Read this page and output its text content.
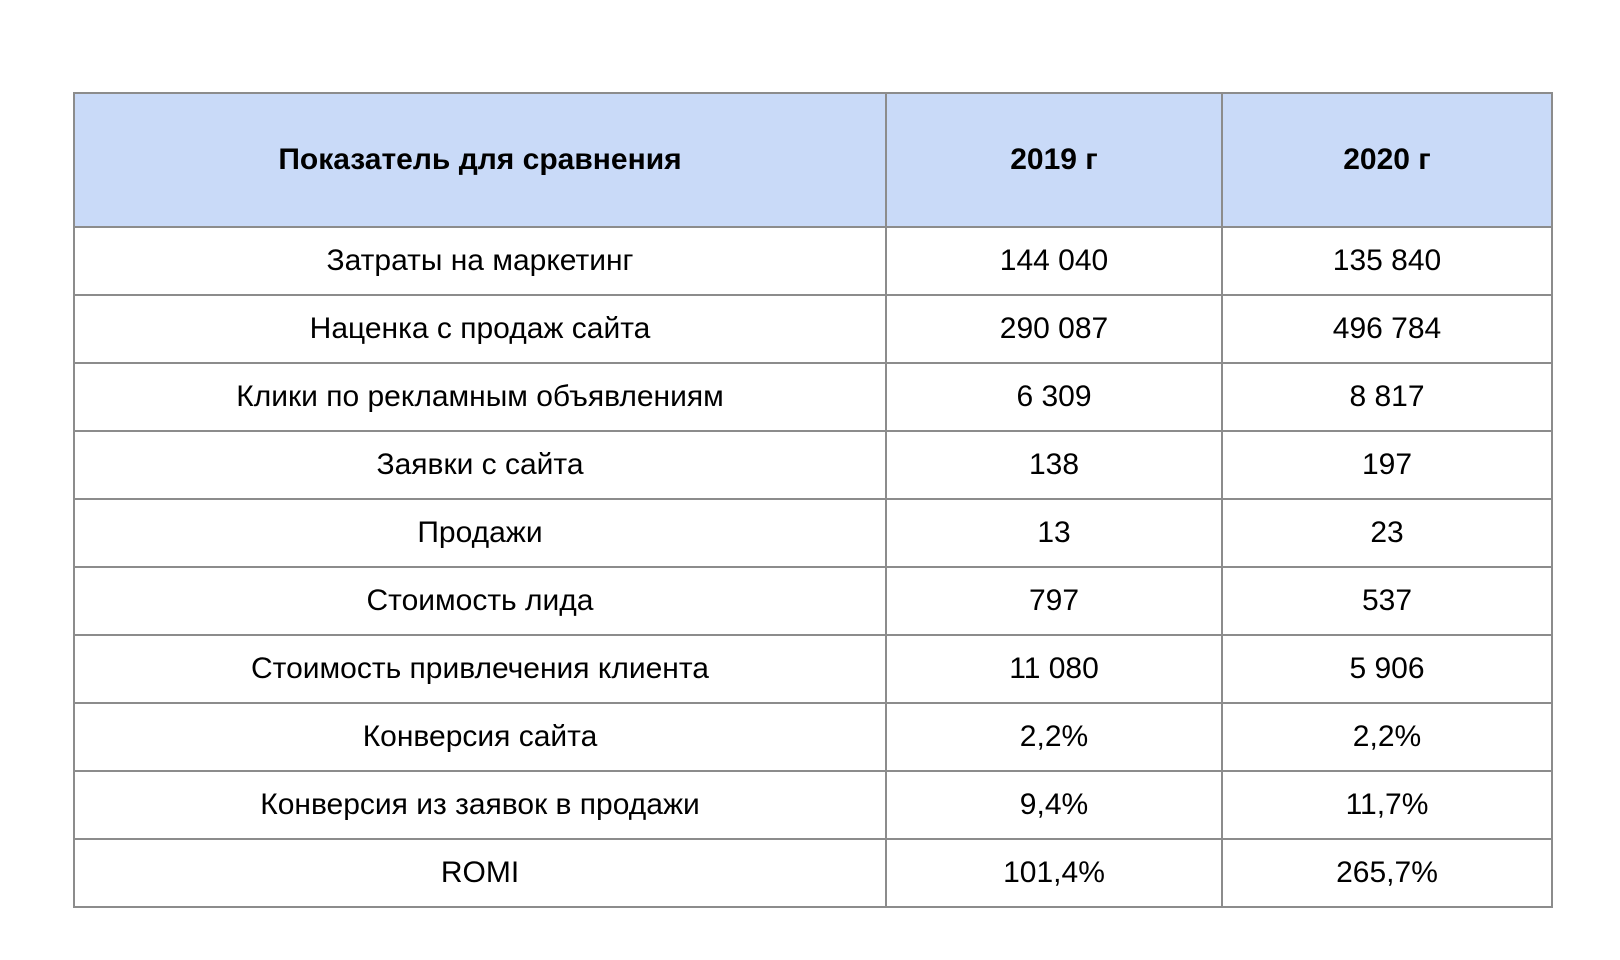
Показатель для сравнения	2019 г	2020 г
Затраты на маркетинг	144 040	135 840
Наценка с продаж сайта	290 087	496 784
Клики по рекламным объявлениям	6 309	8 817
Заявки с сайта	138	197
Продажи	13	23
Стоимость лида	797	537
Стоимость привлечения клиента	11 080	5 906
Конверсия сайта	2,2%	2,2%
Конверсия из заявок в продажи	9,4%	11,7%
ROMI	101,4%	265,7%
